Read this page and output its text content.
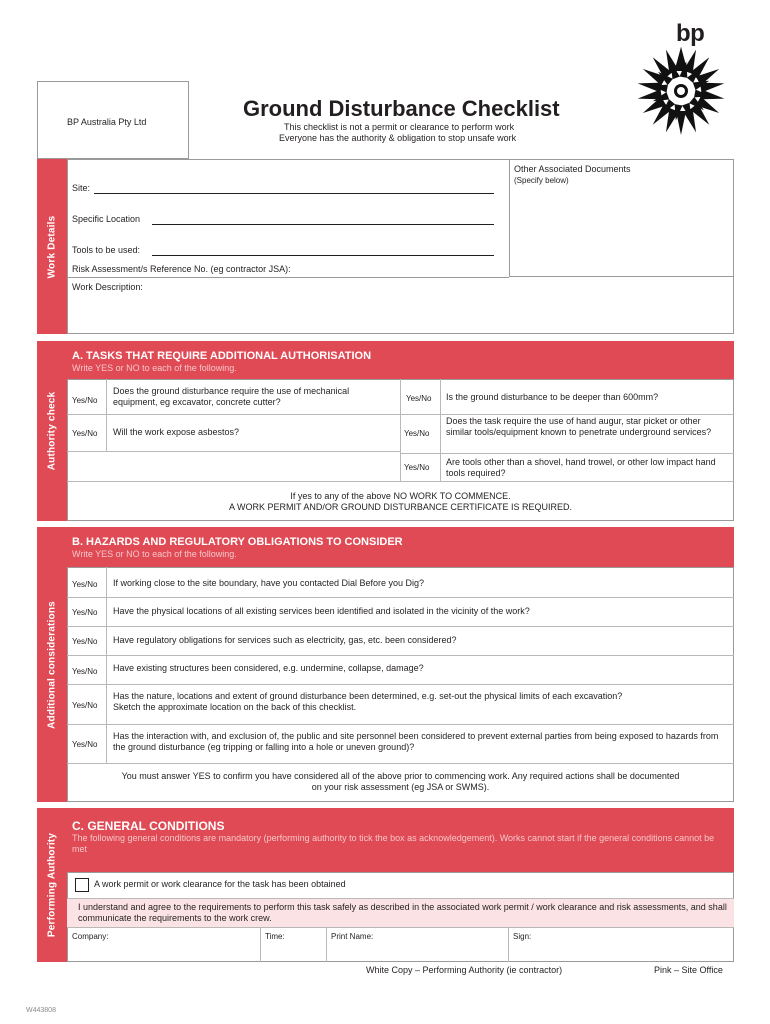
BP Australia Pty Ltd
Ground Disturbance Checklist
This checklist is not a permit or clearance to perform work
Everyone has the authority & obligation to stop unsafe work
bp
Work Details
Other Associated Documents
(Specify below)
Site:
Specific Location
Tools to be used:
Risk Assessment/s Reference No. (eg contractor JSA):
Work Description:
Authority check
A. TASKS THAT REQUIRE ADDITIONAL AUTHORISATION
Write YES or NO to each of the following.
Yes/No
Does the ground disturbance require the use of mechanical equipment, eg excavator, concrete cutter?
Yes/No Will the work expose asbestos?
Yes/No Is the ground disturbance to be deeper than 600mm?
Yes/No
Does the task require the use of hand augur, star picket or other similar tools/equipment known to penetrate underground services?
Yes/No
Are tools other than a shovel, hand trowel, or other low impact hand tools required?
If yes to any of the above NO WORK TO COMMENCE.
A WORK PERMIT AND/OR GROUND DISTURBANCE CERTIFICATE IS REQUIRED.
Additional considerations
B. HAZARDS AND REGULATORY OBLIGATIONS TO CONSIDER
Write YES or NO to each of the following.
Yes/No If working close to the site boundary, have you contacted Dial Before you Dig?
Yes/No Have the physical locations of all existing services been identified and isolated in the vicinity of the work?
Yes/No Have regulatory obligations for services such as electricity, gas, etc. been considered?
Yes/No Have existing structures been considered, e.g. undermine, collapse, damage?
Yes/No
Has the nature, locations and extent of ground disturbance been determined, e.g. set-out the physical limits of each excavation? Sketch the approximate location on the back of this checklist.
Yes/No
Has the interaction with, and exclusion of, the public and site personnel been considered to prevent external parties from being exposed to hazards from the ground disturbance (eg tripping or falling into a hole or uneven ground)?
You must answer YES to confirm you have considered all of the above prior to commencing work. Any required actions shall be documented
on your risk assessment (eg JSA or SWMS).
Performing Authority
C. GENERAL CONDITIONS
The following general conditions are mandatory (performing authority to tick the box as acknowledgement). Works cannot start if the general conditions cannot be met
A work permit or work clearance for the task has been obtained
I understand and agree to the requirements to perform this task safely as described in the associated work permit / work clearance and risk assessments, and shall communicate the requirements to the work crew.
Company:	Time:	Print Name:	Sign:
White Copy – Performing Authority (ie contractor)	Pink – Site Office
W443808
